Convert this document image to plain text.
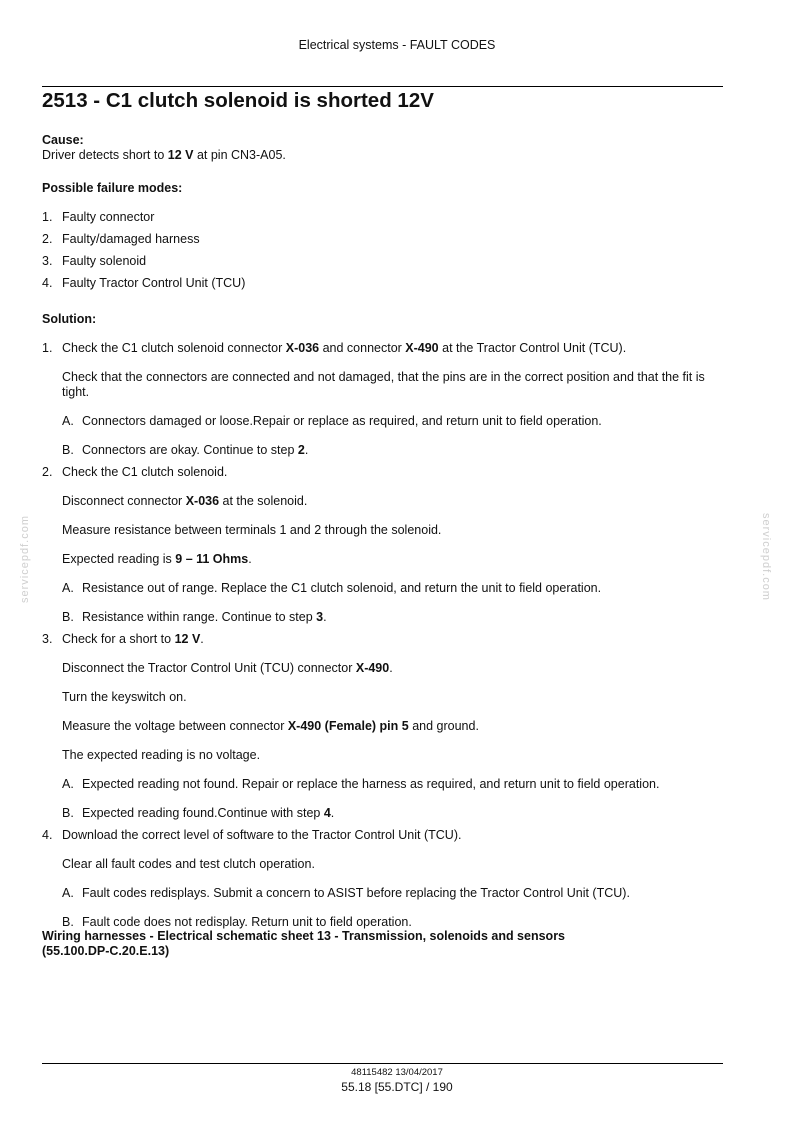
Electrical systems - FAULT CODES
2513 - C1 clutch solenoid is shorted 12V
servicepdf.com	servicepdf.com
Cause:
Driver detects short to 12 V at pin CN3-A05.
Possible failure modes:
1. Faulty connector
2. Faulty/damaged harness
3. Faulty solenoid
4. Faulty Tractor Control Unit (TCU)
Solution:
1. Check the C1 clutch solenoid connector X-036 and connector X-490 at the Tractor Control Unit (TCU).
Check that the connectors are connected and not damaged, that the pins are in the correct position and that the fit is tight.
A. Connectors damaged or loose.Repair or replace as required, and return unit to field operation.
B. Connectors are okay. Continue to step 2.
2. Check the C1 clutch solenoid.
Disconnect connector X-036 at the solenoid.
Measure resistance between terminals 1 and 2 through the solenoid.
Expected reading is 9 – 11 Ohms.
A. Resistance out of range. Replace the C1 clutch solenoid, and return the unit to field operation.
B. Resistance within range. Continue to step 3.
3. Check for a short to 12 V.
Disconnect the Tractor Control Unit (TCU) connector X-490.
Turn the keyswitch on.
Measure the voltage between connector X-490 (Female) pin 5 and ground.
The expected reading is no voltage.
A. Expected reading not found. Repair or replace the harness as required, and return unit to field operation.
B. Expected reading found.Continue with step 4.
4. Download the correct level of software to the Tractor Control Unit (TCU).
Clear all fault codes and test clutch operation.
A. Fault codes redisplays. Submit a concern to ASIST before replacing the Tractor Control Unit (TCU).
B. Fault code does not redisplay. Return unit to field operation.
Wiring harnesses - Electrical schematic sheet 13 - Transmission, solenoids and sensors
(55.100.DP-C.20.E.13)
48115482 13/04/2017
55.18 [55.DTC] / 190
